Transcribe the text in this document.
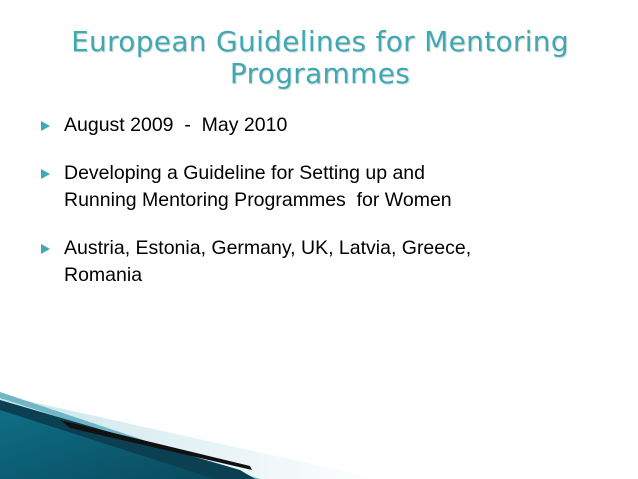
European Guidelines for Mentoring
Programmes
August 2009  -  May 2010
Developing a Guideline for Setting up and
Running Mentoring Programmes  for Women
Austria, Estonia, Germany, UK, Latvia, Greece,
Romania
